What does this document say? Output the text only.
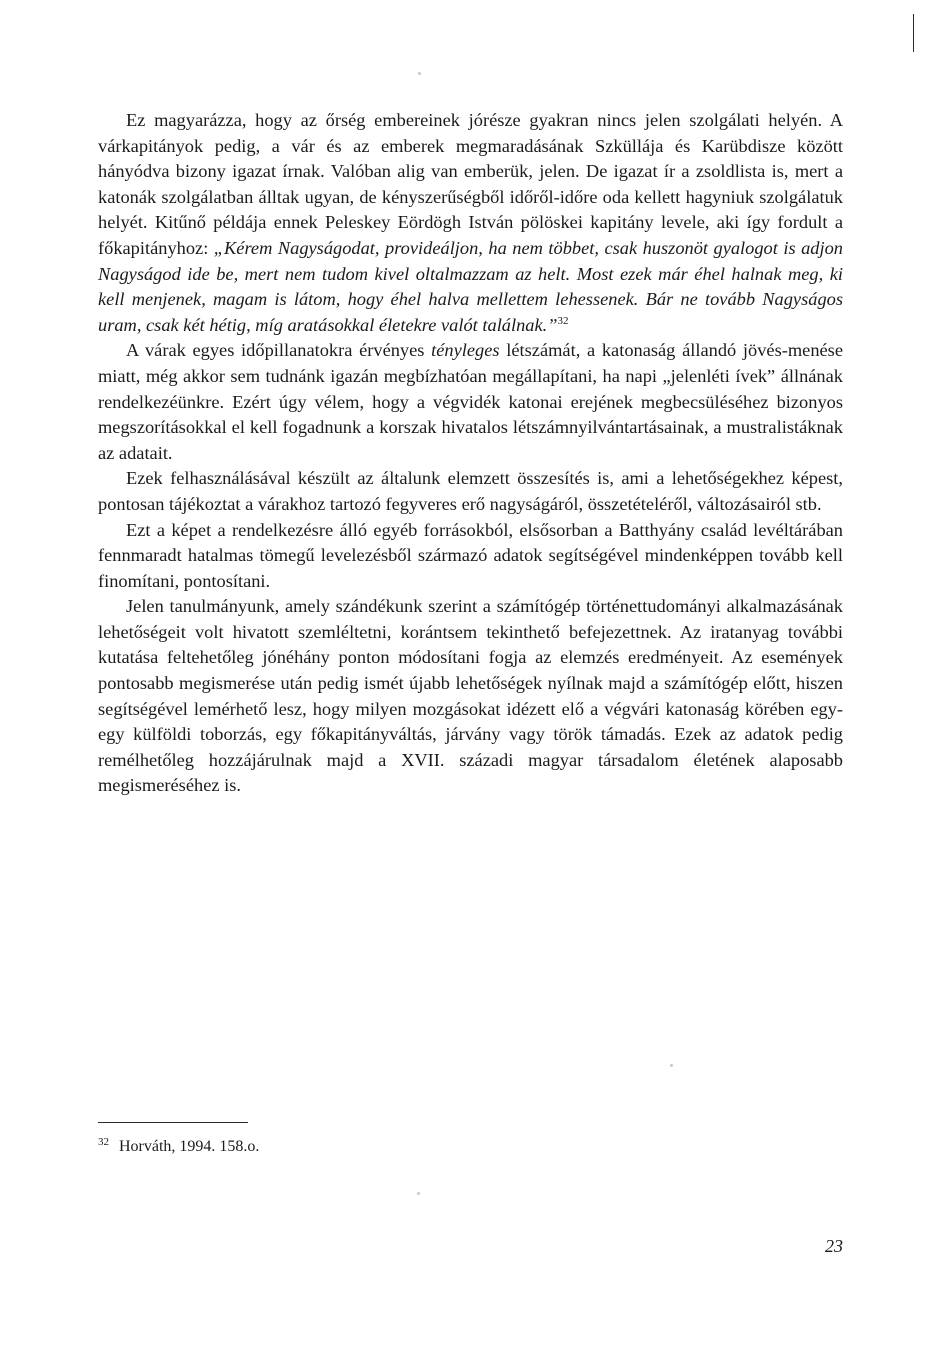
Ez magyarázza, hogy az őrség embereinek jórésze gyakran nincs jelen szolgálati helyén. A várkapitányok pedig, a vár és az emberek megmaradásának Szküllája és Karübdisze között hányódva bizony igazat írnak. Valóban alig van emberük, jelen. De igazat ír a zsoldlista is, mert a katonák szolgálatban álltak ugyan, de kényszerűségből időről-időre oda kellett hagyniuk szolgálatuk helyét. Kitűnő példája ennek Peleskey Eördögh István pölöskei kapitány levele, aki így fordult a főkapitányhoz: „Kérem Nagyságodat, provideáljon, ha nem többet, csak huszonöt gyalogot is adjon Nagyságod ide be, mert nem tudom kivel oltalmazzam az helt. Most ezek már éhel halnak meg, ki kell menjenek, magam is látom, hogy éhel halva mellettem lehessenek. Bár ne tovább Nagyságos uram, csak két hétig, míg aratásokkal életekre valót találnak.”$^{32}$

A várak egyes időpillanatokra érvényes tényleges létszámát, a katonaság állandó jövés-menése miatt, még akkor sem tudnánk igazán megbízhatóan megállapítani, ha napi „jelenléti ívek” állnának rendelkezéünkre. Ezért úgy vélem, hogy a végvidék katonai erejének megbecsüléséhez bizonyos megszorításokkal el kell fogadnunk a korszak hivatalos létszámnyilvántartásainak, a mustralistáknak az adatait.

Ezek felhasználásával készült az általunk elemzett összesítés is, ami a lehetőségekhez képest, pontosan tájékoztat a várakhoz tartozó fegyveres erő nagyságáról, összetételéről, változásairól stb.

Ezt a képet a rendelkezésre álló egyéb forrásokból, elsősorban a Batthyány család levéltárában fennmaradt hatalmas tömegű levelezésből származó adatok segítségével mindenképpen tovább kell finomítani, pontosítani.

Jelen tanulmányunk, amely szándékunk szerint a számítógép történettudományi alkalmazásának lehetőségeit volt hivatott szemléltetni, korántsem tekinthető befejezettnek. Az iratanyag további kutatása feltehetőleg jónéhány ponton módosítani fogja az elemzés eredményeit. Az események pontosabb megismerése után pedig ismét újabb lehetőségek nyílnak majd a számítógép előtt, hiszen segítségével lemérhető lesz, hogy milyen mozgásokat idézett elő a végvári katonaság körében egy-egy külföldi toborzás, egy főkapitányváltás, járvány vagy török támadás. Ezek az adatok pedig remélhetőleg hozzájárulnak majd a XVII. századi magyar társadalom életének alaposabb megismeréséhez is.

$^{32}$ Horváth, 1994. 158.o.
23
